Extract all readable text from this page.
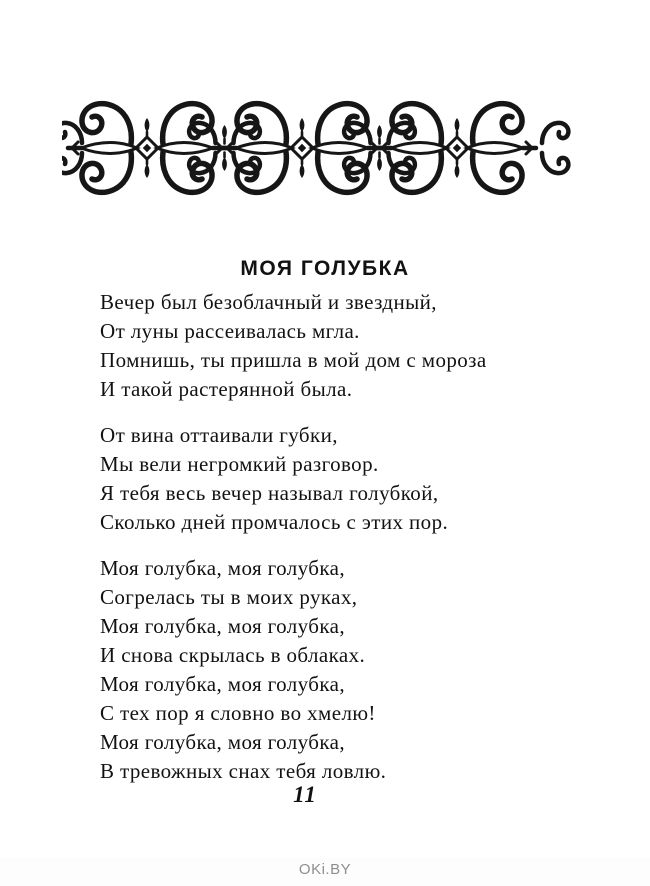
МОЯ ГОЛУБКА
Вечер был безоблачный и звездный,
От луны рассеивалась мгла.
Помнишь, ты пришла в мой дом с мороза
И такой растерянной была.
От вина оттаивали губки,
Мы вели негромкий разговор.
Я тебя весь вечер называл голубкой,
Сколько дней промчалось с этих пор.
Моя голубка, моя голубка,
Согрелась ты в моих руках,
Моя голубка, моя голубка,
И снова скрылась в облаках.
Моя голубка, моя голубка,
С тех пор я словно во хмелю!
Моя голубка, моя голубка,
В тревожных снах тебя ловлю.
11
OKi.BY
